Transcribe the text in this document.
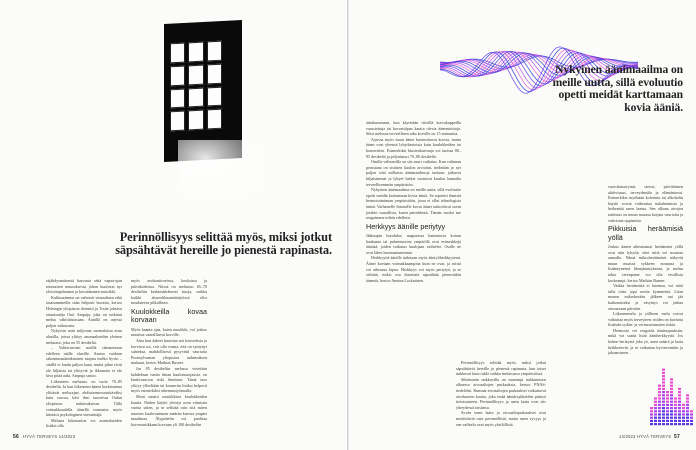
Perinnöllisyys selittää myös, miksi jotkut säpsähtävät hereille jo pienestä rapinasta.
Nykyinen äänimaailma on meille uutta, sillä evoluutio opetti meidät karttamaan kovia ääniä.

räjähdysmäisestä kasvusta sekä vapaa-ajan toimuosen muutoksesta, johon kuuluvat nyt yleisötapahtumat ja kovaääninen musiikki.

Kulttuurimme on vahvasti visuaalinen eikä tasaisammeilla sään helposti huvaita, kertoo Helsingin yliopiston dosentti ja Traite johtava asiantuntija Outi Ampuja, joka on tutkinut melua vähittäistasaan. Äänillä on arjessa paljon vaikutusta.

Nykyisin noin miljoona suomalaista asuu alueilla, joissa ylittyy asumaalueiden yleinen melutaso, joka on 55 desibeliä.

– Valtteriuvasti meillä rakennetaan edelleen näille alueille. Asutus voidaan rakennusmääräksineen saajata melko hyvin – sisällä ei kuulu paljon kaan, mutta pihat eivät ole hiljaisia tai ylittyvät ja ikkunoita ei ole kiva pitää auki, Ampuja sanoo.

Liikenteen melutaso on tuolo 70–85 desibeliä. Ja kun liikenteen äänen korkeutensa ylittävät melurajan, ahdistaomesuurittäväksi kuin varvaa, kävi ilmi tuoreessa Oulun yliopiston tutkimuksessa. Tällä voimakkuudella äänellä tunnustta myös kiintäcä psykologinen stressintäjä.

Melusta lukemattoa voi asumalueiden lisäksi olla

myös avokonttoreissa, kouluissa ja päiväkodeissa. Niissä on melutaso 65–70 desibeliin keskimääräisesti tasoja, vaikka kaikki aluseohkuannäärijöissä olisi noudateeru pilkullisen.

Kuulokkeilla kovaa korvaan

Myös kaanta ajaa, kuten musiikki, voi joskus muuttua vaarallisesti korville.

Aina kun ääheet huorttuo nai konsertista ja korvissa soi, voit olla varma, että on syntynyt suhteksa, mahdollisesti pysyvästi vaurioita Poonsylvanian yliopiston tutkimuksen mukaan, kertoo Mathias Basner.

Jos 85 desibeliin melussa vietetään kahdeksan tuntia ilman kuulonsuojausta, on kuulovaurion riski ilmeinen. Tämä taso ylittyy ylleeltään tai konsertin lisäksi helposti myös esimerkiksi rakennustyömailla.

Moni nauttii musiikkista kuulokkeiden kautta. Niiden käyttö yleistyi noin viitnistta vuotta sitten, ja se selittää osin sitä miten nuorten kuulovamman määrän kasvua ympäri maailmaa. Älypuhelin voi puolitaa korvmusiikkaan korvaan yli 100 desibeliin

äänikuormaan, kun käytetään tiiviillä korvakuppeilla varustettuja tai korvatulpan kautta olevia äänentoistoja. Siksi melussa terveellinen aika korville on 15 minuuttia.

Arjessa myös muut äänet kuormittavat korvia, mutta äänet ovat yleensä lyhytkestoisia kuin kuulokkeiden tai konserttien. Esimerkiksi hiustenkuivaaja voi tuottaa 80–95 desibeliä ja pölynimuri 70–80 desibeliä.

Omilla valinnoilla on siis suuri vaikutus. Kun valinnan perustana on sisäisen kuulon arviointi, tiedetään jo nyt paljon siitä millaisia äänimaailmoja tuetaan: jatkuvat hiljaisimmat ja lyhyet hetket tuottavat kuulon kannalta terveellisemmän ympäristön.

Nykyinen äänimaailma on meille uutta, sillä evoluutio opetti meidät karttamaan kovia ääniä. Se sopeutti ihmistä hermotoiminnan ympäristöön, jossa ei ollut teknologisia ääniä. Varhaiselle ihmiselle kovat äänet tarkoittivat usein jotakin vaarallista, kuten petoeläintä. Tämän vuoksi me reagoimme niihin edelleen.

Herkkyys äänille periytyy

Jääkaapin hurahdus, naapurissa kantautuva koiran haukunta tai puheensorina ympärillä ovat esimerkkejä äänistä, joiden vaikutus kuulijaan vaihtelee. Osalle ne ovat lähes huomaamattomia.

Herkkyyttä äänille tutkitaan myös ääniyliherkkyytenä. Äänet koetaan voimakkaampina kuin ne ovat, ja niistä voi aiheutua kipua. Herkkyys voi myös periytyä, ja se selittää, miksi osa ihmisistä säpsähtää pienestäkin äänestä, kertoo Annina Lockatinen.

Perinnöllisyys selittää myös, miksi jotkut säpsähtävät hereille jo pienestä rapinasta, kun toiset nukkuvat kuin tukki vaikka meluisassa ympäristössä.

Sikeimmin nukkuvilla on suurempi nukkumisen alkaessa aivoaaltojen purkauksia, kertoo PNAS-tiedelehti. Runsaat aivoaaltojen purkaukset vaikuttavat aivokuoren kautta, joka estää ääniärsykkeiden pääsyä tietoisuuteen. Perinnöllisyys ja unen laatu ovat siis yhteydessä toisiinsa.

Syvän unen laatu ja aivoaaltopurkaukset ovat merkittäviä osin perinnöllisiä, mutta unen syvyys ja sen vaihtelu ovat myös yksilöllisiä.

vuorokausirytmi, stressi, päivittäinen aktiivisuus, terveydentila ja elämäntavat. Esimerkiksi myöhään kofeiinin tai alkoholin käyttö voivat vaikeuttaa nukahtamista ja heikentää unen laatua. Sen alkana aivojen tarkistus on muun muassa korjata vaurioita ja vahvistaa oppimista.

Pikkuisia heräämisiä yöllä

Joskus äänen aiheuttamat heräämiset yöllä ovat niin lyhyitä, ettei niitä voi muistaa aamulla. Nämä mikroheräämiset näkyvät muun muassa sykkeen nousuna ja lisääntyneenä lihasjännityksenä, ja melun takia verenpaine voi olla tavallista korkeampi, kertoo Mathias Basner.

Vaikka heräämistä ei huomaa, voi niitä tulla öisin jopa useita kymmeniä. Liian monen mikroherään jälkeen uni jää katkonaiseksi ja väsymys voi jatkua seuraavaan päivään.

Liikennemelu ja yöllinen melu voivat vaikuttaa myös terveyteen: niiden on havaittu lisäävän sydän- ja verisuonitautien riskiä.

Hermosto voi reagoida äänitaajuuksiin, mikä voi saada lisää ääniherkkyyttä. Jos kolme herätystä joka yö, unen määrä ja laatu heikkenevät, ja se vaikuttaa hyvinvointiin ja jaksamiseen.

56 HYVÄ TERVEYS 14/2023	14/2023 HYVÄ TERVEYS 57
